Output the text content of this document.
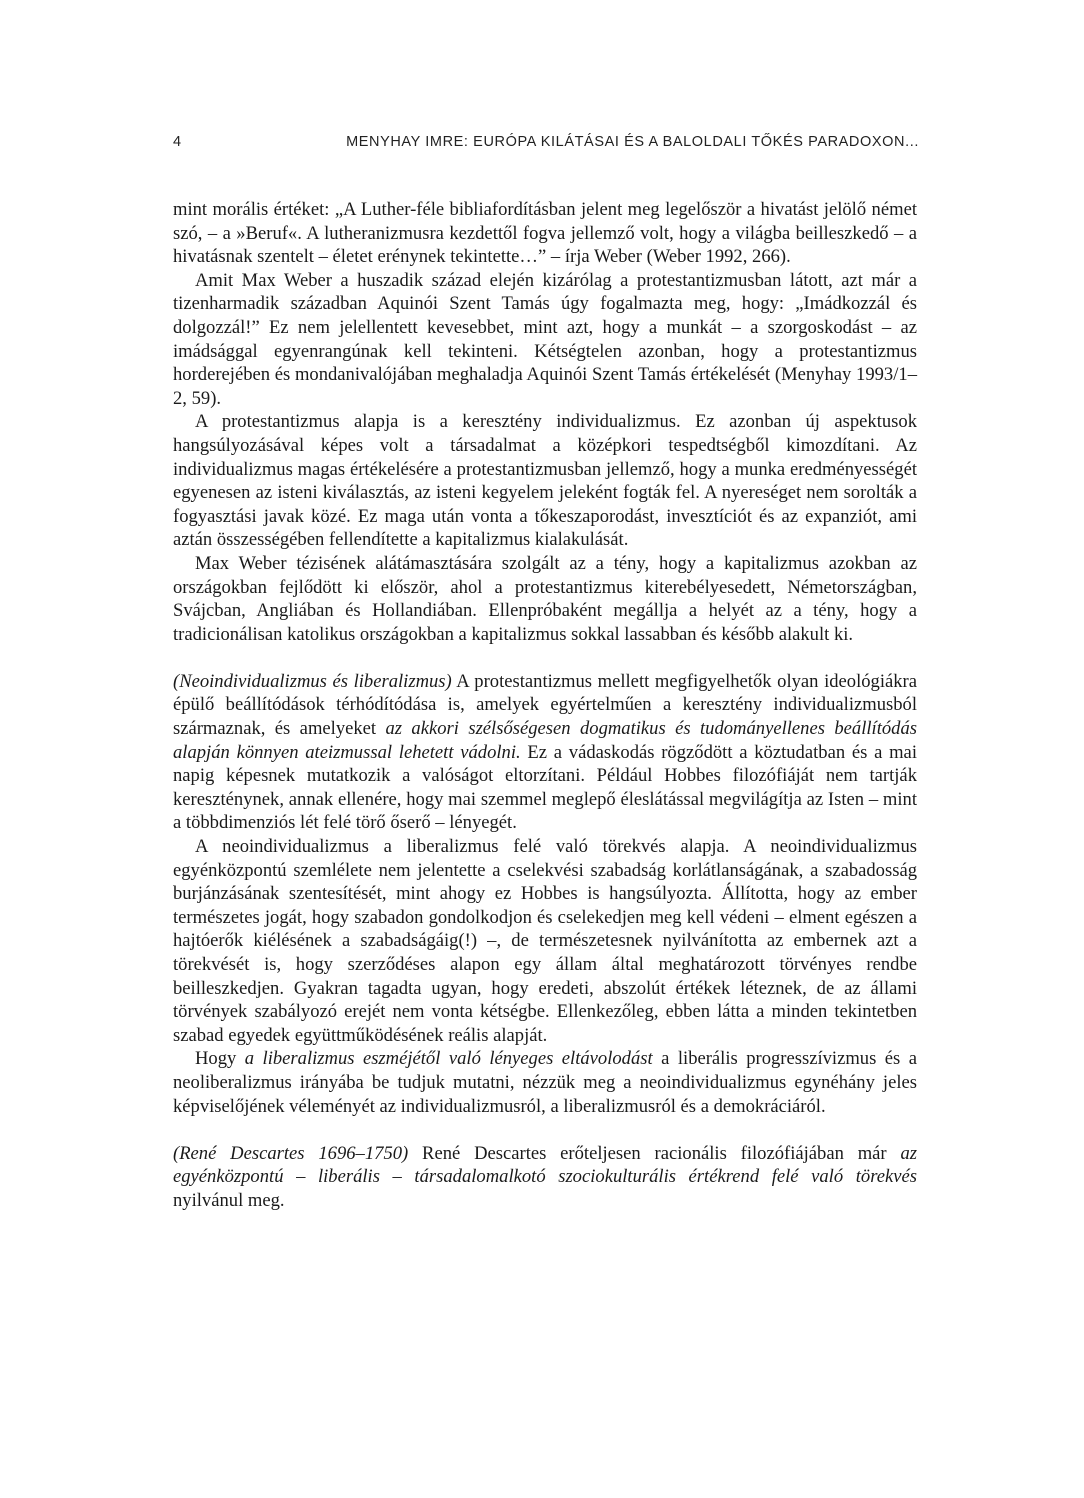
4	MENYHAY IMRE: EURÓPA KILÁTÁSAI ÉS A BALOLDALI TŐKÉS PARADOXON...

mint morális értéket: „A Luther-féle bibliafordításban jelent meg legelőször a hivatást jelölő német szó, – a »Beruf«. A lutheranizmusra kezdettől fogva jellemző volt, hogy a világba beilleszkedő – a hivatásnak szentelt – életet erénynek tekintette…” – írja Weber (Weber 1992, 266).

Amit Max Weber a huszadik század elején kizárólag a protestantizmusban látott, azt már a tizenharmadik században Aquinói Szent Tamás úgy fogalmazta meg, hogy: „Imádkozzál és dolgozzál!” Ez nem jelellentett kevesebbet, mint azt, hogy a munkát – a szorgoskodást – az imádsággal egyenrangúnak kell tekinteni. Kétségtelen azonban, hogy a protestantizmus horderejében és mondanivalójában meghaladja Aquinói Szent Tamás értékelését (Menyhay 1993/1–2, 59).

A protestantizmus alapja is a keresztény individualizmus. Ez azonban új aspektusok hangsúlyozásával képes volt a társadalmat a középkori tespedtségből kimozdítani. Az individualizmus magas értékelésére a protestantizmusban jellemző, hogy a munka eredményességét egyenesen az isteni kiválasztás, az isteni kegyelem jeleként fogták fel. A nyereséget nem sorolták a fogyasztási javak közé. Ez maga után vonta a tőkeszaporodást, invesztíciót és az expanziót, ami aztán összességében fellendítette a kapitalizmus kialakulását.

Max Weber tézisének alátámasztására szolgált az a tény, hogy a kapitalizmus azokban az országokban fejlődött ki először, ahol a protestantizmus kiterebélyesedett, Németországban, Svájcban, Angliában és Hollandiában. Ellenpróbaként megállja a helyét az a tény, hogy a tradicionálisan katolikus országokban a kapitalizmus sokkal lassabban és később alakult ki.

(Neoindividualizmus és liberalizmus) A protestantizmus mellett megfigyelhetők olyan ideológiákra épülő beállítódások térhódítódása is, amelyek egyértelműen a keresztény individualizmusból származnak, és amelyeket az akkori szélsőségesen dogmatikus és tudományellenes beállítódás alapján könnyen ateizmussal lehetett vádolni. Ez a vádaskodás rögződött a köztudatban és a mai napig képesnek mutatkozik a valóságot eltorzítani. Például Hobbes filozófiáját nem tartják kereszténynek, annak ellenére, hogy mai szemmel meglepő éleslátással megvilágítja az Isten – mint a többdimenziós lét felé törő őserő – lényegét.

A neoindividualizmus a liberalizmus felé való törekvés alapja. A neoindividualizmus egyénközpontú szemlélete nem jelentette a cselekvési szabadság korlátlanságának, a szabadosság burjánzásának szentesítését, mint ahogy ez Hobbes is hangsúlyozta. Állította, hogy az ember természetes jogát, hogy szabadon gondolkodjon és cselekedjen meg kell védeni – elment egészen a hajtóerők kiélésének a szabadságáig(!) –, de természetesnek nyilvánította az embernek azt a törekvését is, hogy szerződéses alapon egy állam által meghatározott törvényes rendbe beilleszkedjen. Gyakran tagadta ugyan, hogy eredeti, abszolút értékek léteznek, de az állami törvények szabályozó erejét nem vonta kétségbe. Ellenkezőleg, ebben látta a minden tekintetben szabad egyedek együttműködésének reális alapját.

Hogy a liberalizmus eszméjétől való lényeges eltávolodást a liberális progresszívizmus és a neoliberalizmus irányába be tudjuk mutatni, nézzük meg a neoindividualizmus egynéhány jeles képviselőjének véleményét az individualizmusról, a liberalizmusról és a demokráciáról.

(René Descartes 1696–1750) René Descartes erőteljesen racionális filozófiájában már az egyénközpontú – liberális – társadalomalkotó szociokulturális értékrend felé való törekvés nyilvánul meg.
